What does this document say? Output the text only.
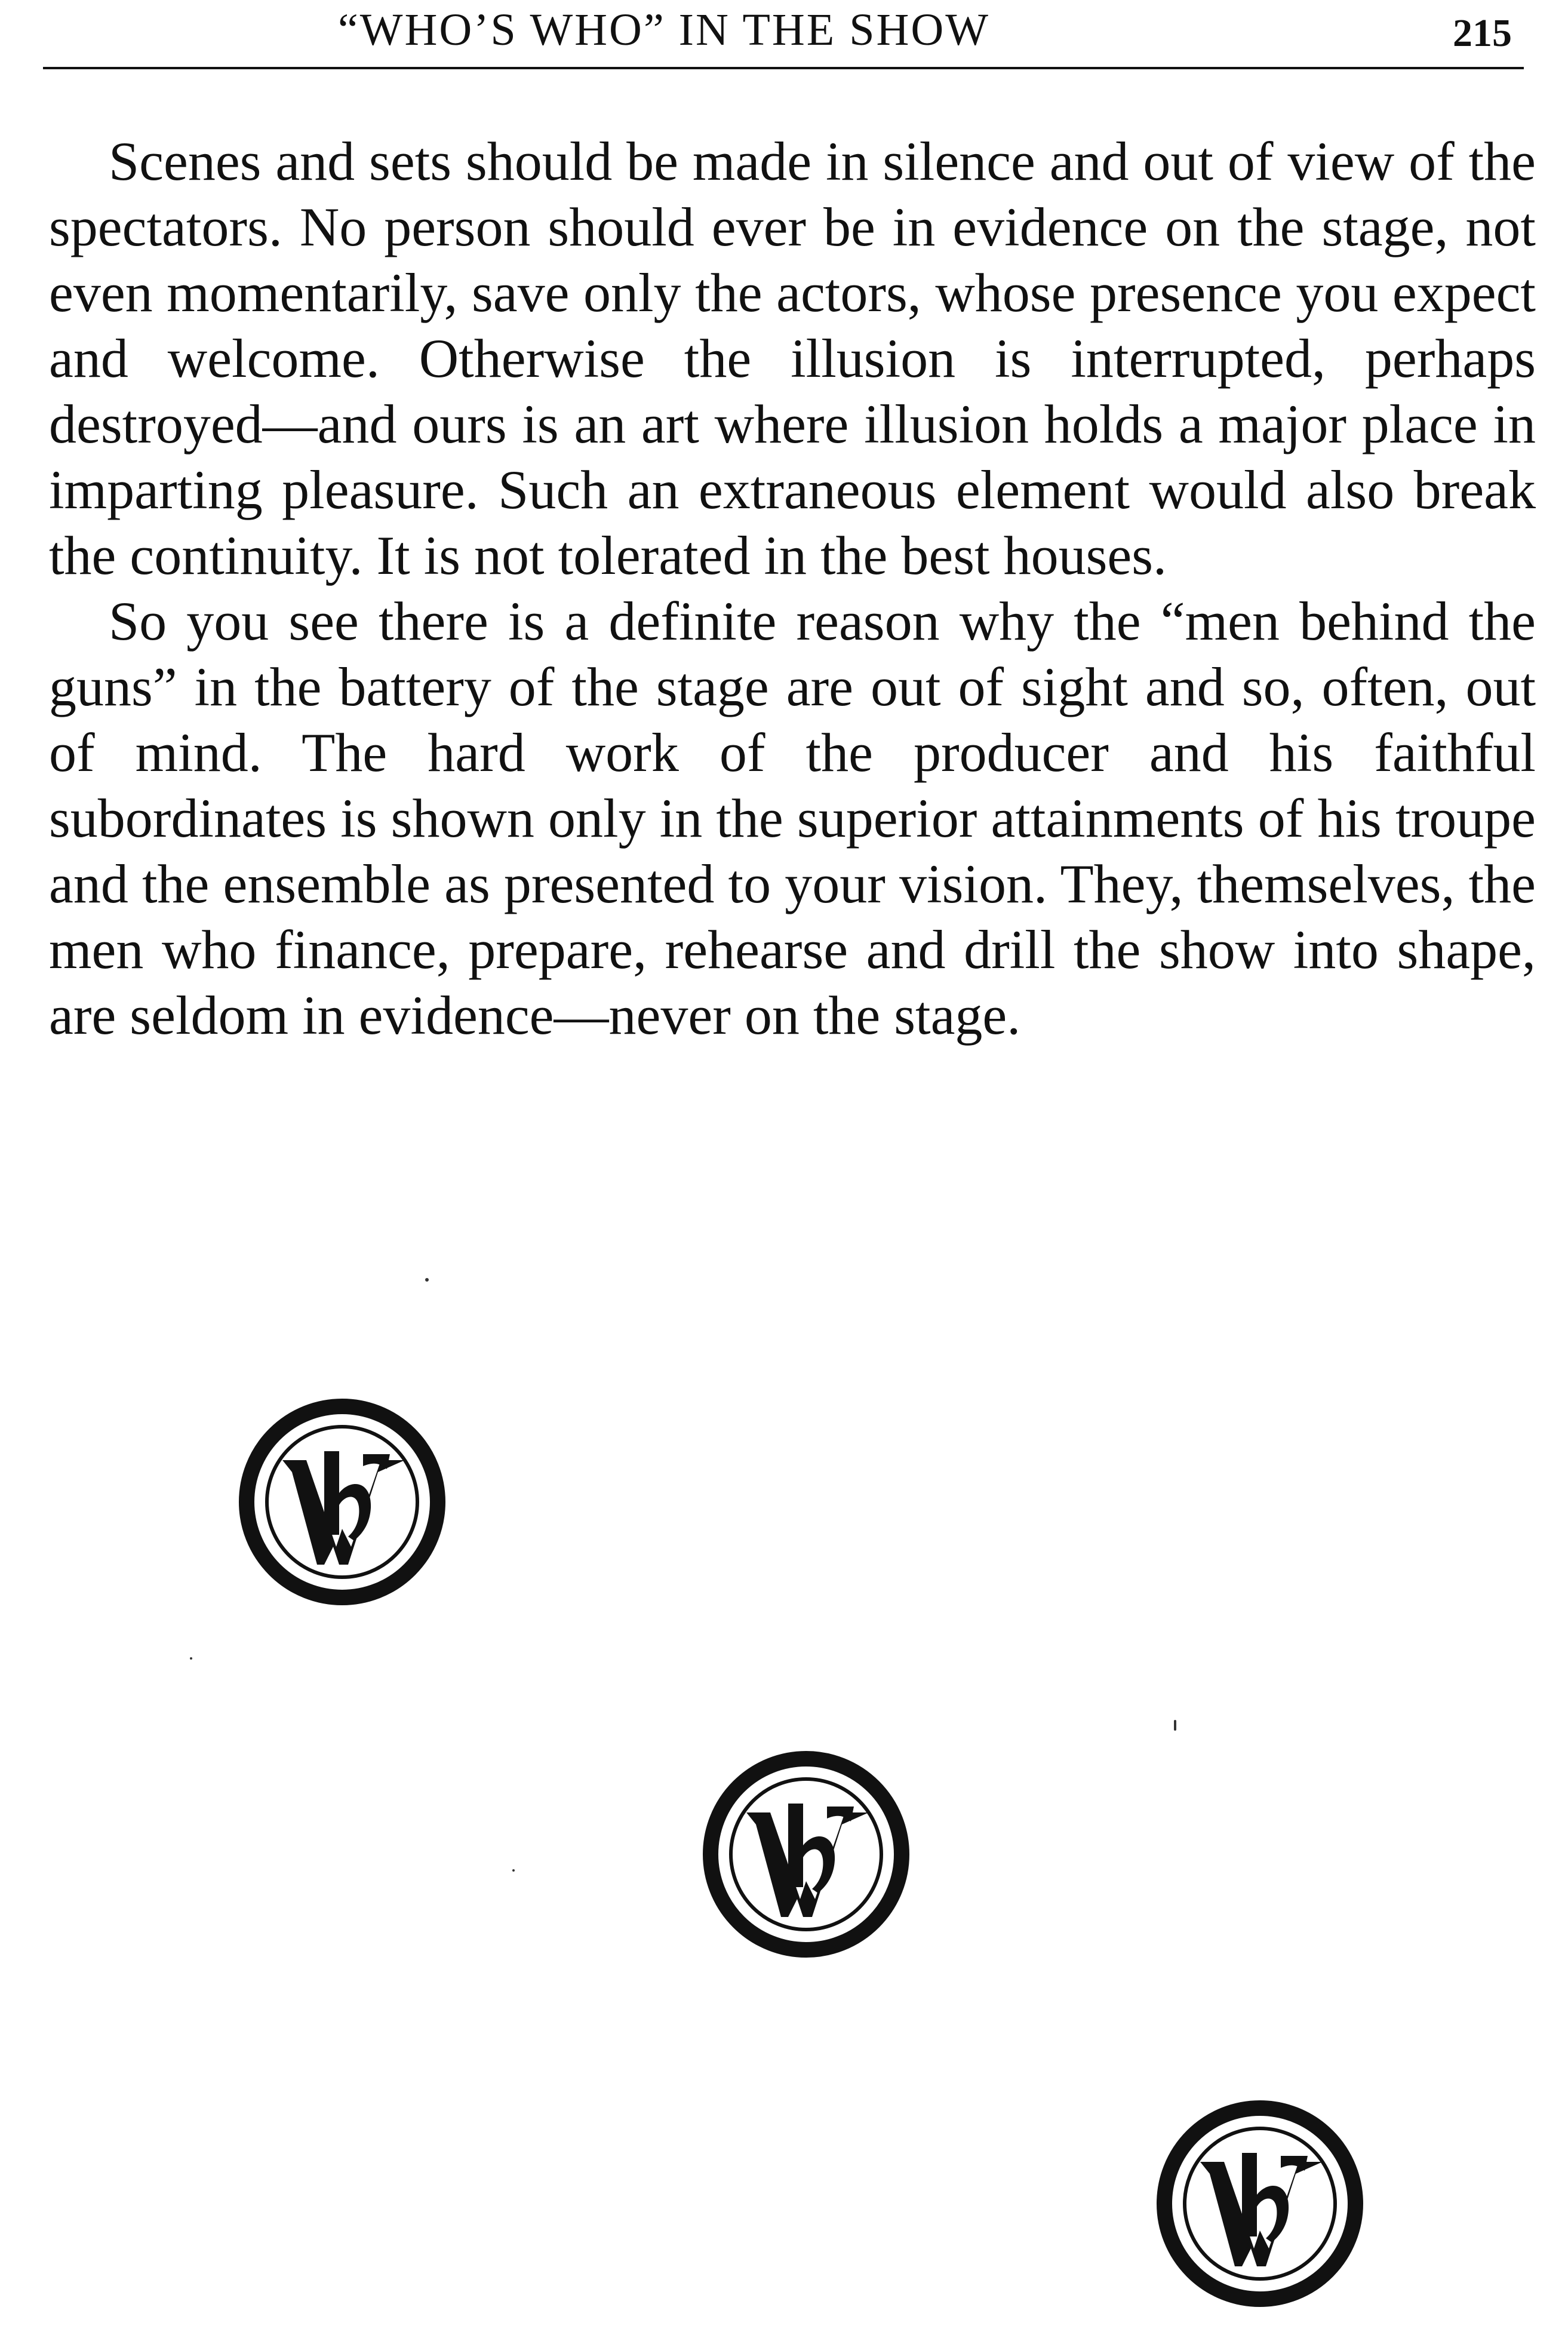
“WHO’S WHO” IN THE SHOW	215

Scenes and sets should be made in silence and out of view of the spectators. No person should ever be in evidence on the stage, not even momentarily, save only the actors, whose presence you expect and welcome. Otherwise the illusion is interrupted, perhaps destroyed—and ours is an art where illusion holds a major place in imparting pleasure. Such an extraneous element would also break the continuity. It is not tolerated in the best houses.

So you see there is a definite reason why the “men behind the guns” in the battery of the stage are out of sight and so, often, out of mind. The hard work of the producer and his faithful subordinates is shown only in the superior attainments of his troupe and the ensemble as presented to your vision. They, themselves, the men who finance, prepare, rehearse and drill the show into shape, are seldom in evidence—never on the stage.
